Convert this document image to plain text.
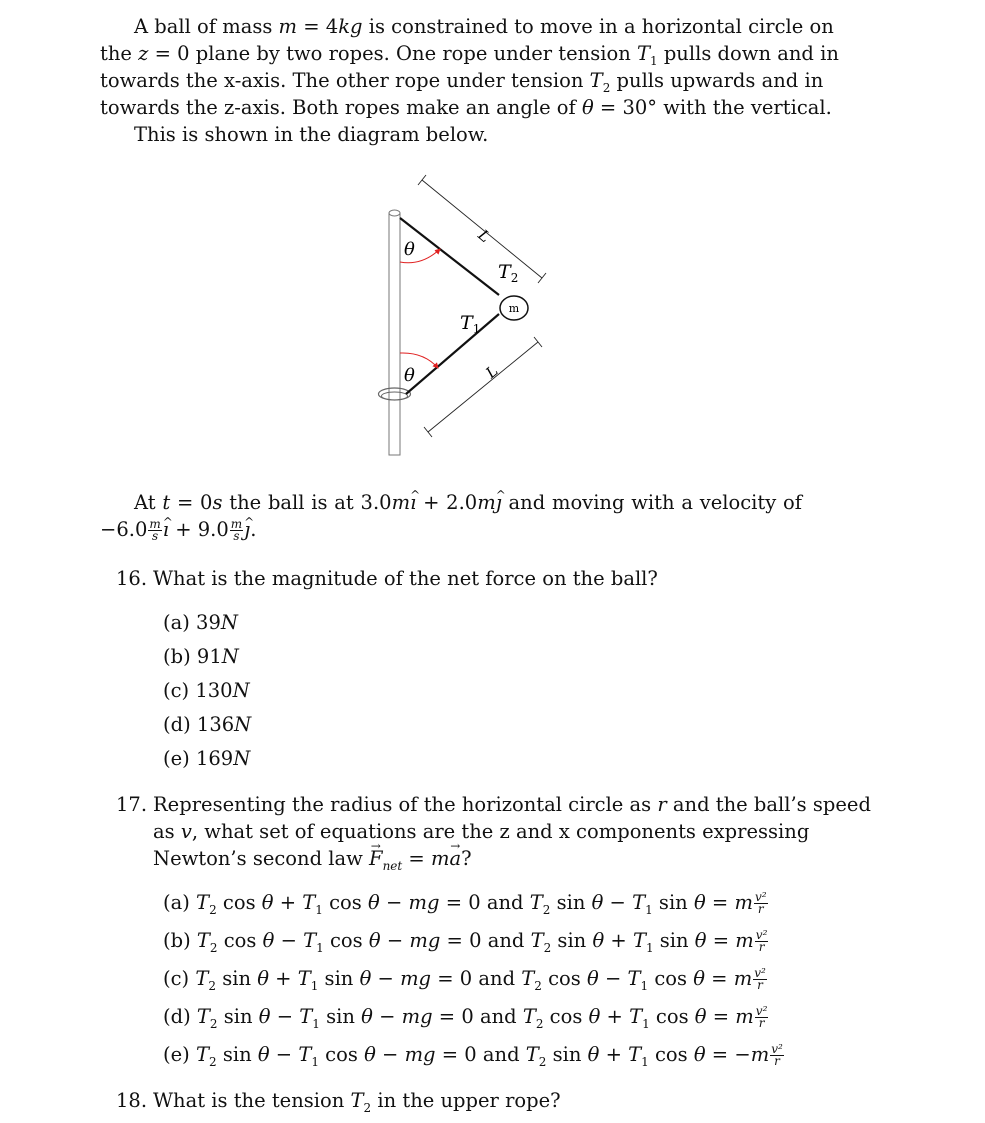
A ball of mass m = 4kg is constrained to move in a horizontal circle on
the z = 0 plane by two ropes. One rope under tension $T_1$ pulls down and in
towards the x-axis. The other rope under tension $T_2$ pulls upwards and in
towards the z-axis. Both ropes make an angle of θ = 30° with the vertical.
This is shown in the diagram below.
m
θ
θ
$T_2$
$T_1$
L
L
At t = 0s the ball is at 3.0mı ^ + 2.0mȷ ^ and moving with a velocity of
$-6.0 \frac{m}{s}$ ı ^ + $9.0 \frac{m}{s}$ ȷ ^.
16. What is the magnitude of the net force on the ball?
(a) 39N
(b) 91N
(c) 130N
(d) 136N
(e) 169N
17. Representing the radius of the horizontal circle as r and the ball’s speed
as v, what set of equations are the z and x components expressing
Newton’s second law $F \to_{net}$ = ma →?
(a) $T_2$ $\cos \theta + T_1$ cos θ − mg = 0 and $T_2$ $\sin \theta - T_1$ sin θ = m $\frac{\text{v²}}{r}$
(b) $T_2$ $\cos \theta - T_1$ cos θ − mg = 0 and $T_2$ $\sin \theta + T_1$ sin θ = m $\frac{\text{v²}}{r}$
(c) $T_2$ $\sin \theta + T_1$ sin θ − mg = 0 and $T_2$ $\cos \theta - T_1$ cos θ = m $\frac{\text{v²}}{r}$
(d) $T_2$ $\sin \theta - T_1$ sin θ − mg = 0 and $T_2$ $\cos \theta + T_1$ cos θ = m $\frac{\text{v²}}{r}$
(e) $T_2$ $\sin \theta - T_1$ cos θ − mg = 0 and $T_2$ $\sin \theta + T_1$ $\cos \theta = -m \frac{\text{v²}}{r}$
18. What is the tension $T_2$ in the upper rope?
